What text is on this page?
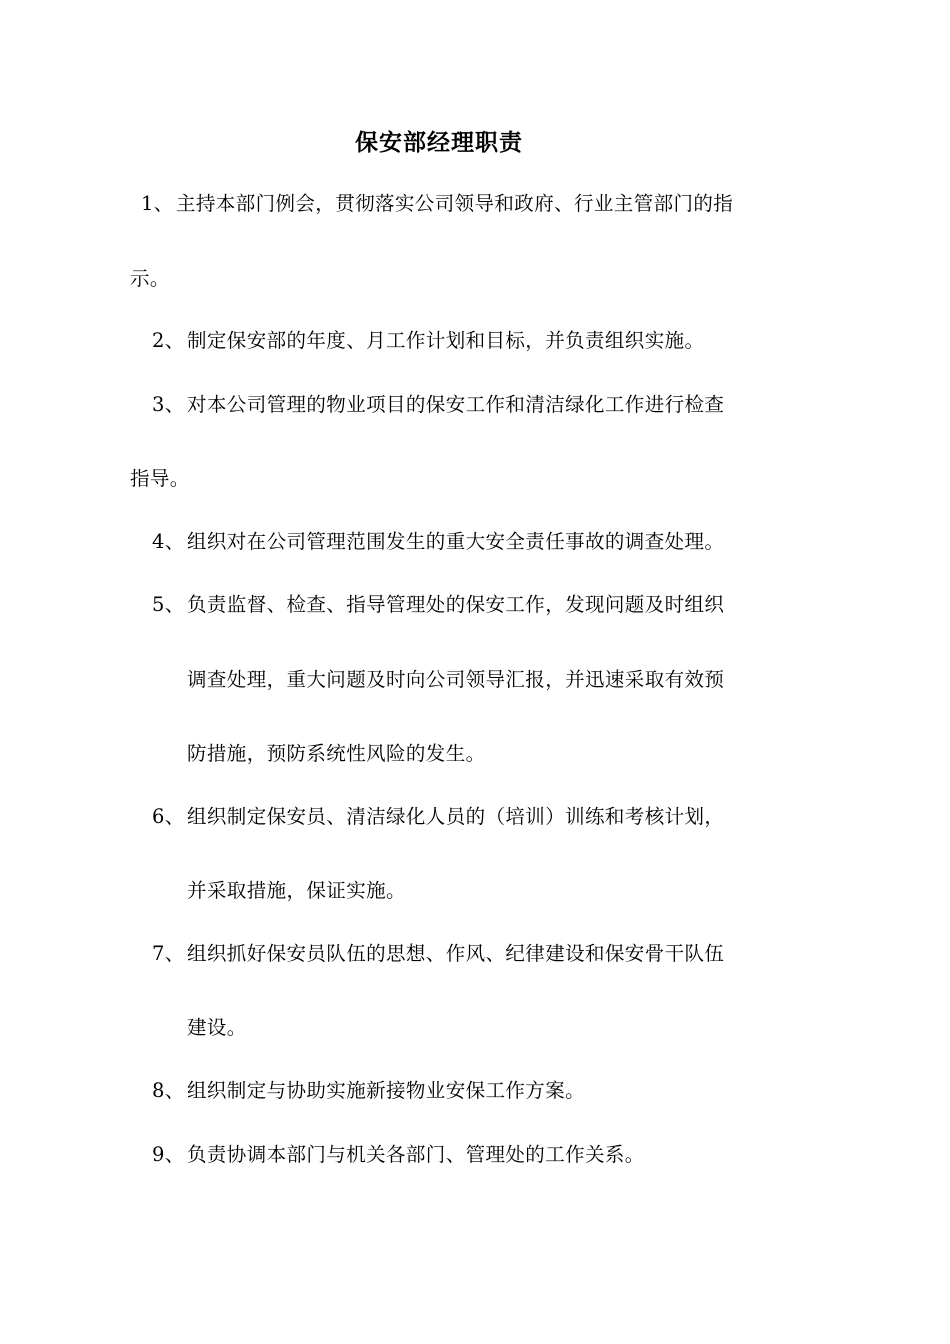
保安部经理职责
1、 主持本部门例会，贯彻落实公司领导和政府、行业主管部门的指
示。
2、 制定保安部的年度、月工作计划和目标，并负责组织实施。
3、 对本公司管理的物业项目的保安工作和清洁绿化工作进行检查
指导。
4、 组织对在公司管理范围发生的重大安全责任事故的调查处理。
5、 负责监督、检查、指导管理处的保安工作，发现问题及时组织
调查处理，重大问题及时向公司领导汇报，并迅速采取有效预
防措施，预防系统性风险的发生。
6、 组织制定保安员、清洁绿化人员的（培训）训练和考核计划，
并采取措施，保证实施。
7、 组织抓好保安员队伍的思想、作风、纪律建设和保安骨干队伍
建设。
8、 组织制定与协助实施新接物业安保工作方案。
9、 负责协调本部门与机关各部门、管理处的工作关系。
